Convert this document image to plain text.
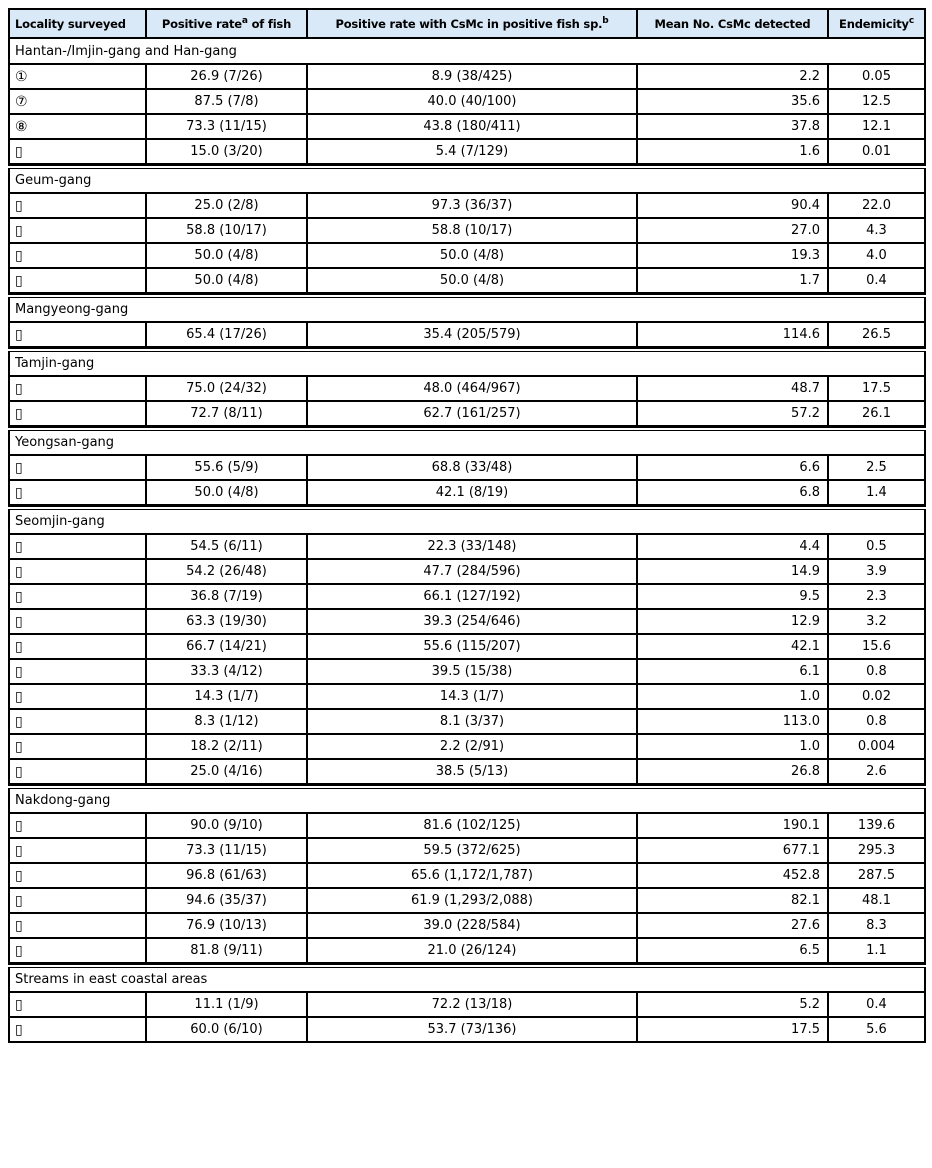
Locality surveyed	Positive rate$^a$ of fish	Positive rate with CsMc in positive fish sp.$^b$	Mean No. CsMc detected	Endemicity$^c$
Hantan-/Imjin-gang and Han-gang				
①	26.9 (7/26)	8.9 (38/425)	2.2	0.05
⑦	87.5 (7/8)	40.0 (40/100)	35.6	12.5
⑧	73.3 (11/15)	43.8 (180/411)	37.8	12.1
▯	15.0 (3/20)	5.4 (7/129)	1.6	0.01

Geum-gang				
▯	25.0 (2/8)	97.3 (36/37)	90.4	22.0
▯	58.8 (10/17)	58.8 (10/17)	27.0	4.3
▯	50.0 (4/8)	50.0 (4/8)	19.3	4.0
▯	50.0 (4/8)	50.0 (4/8)	1.7	0.4

Mangyeong-gang				
▯	65.4 (17/26)	35.4 (205/579)	114.6	26.5

Tamjin-gang				
▯	75.0 (24/32)	48.0 (464/967)	48.7	17.5
▯	72.7 (8/11)	62.7 (161/257)	57.2	26.1

Yeongsan-gang				
▯	55.6 (5/9)	68.8 (33/48)	6.6	2.5
▯	50.0 (4/8)	42.1 (8/19)	6.8	1.4

Seomjin-gang				
▯	54.5 (6/11)	22.3 (33/148)	4.4	0.5
▯	54.2 (26/48)	47.7 (284/596)	14.9	3.9
▯	36.8 (7/19)	66.1 (127/192)	9.5	2.3
▯	63.3 (19/30)	39.3 (254/646)	12.9	3.2
▯	66.7 (14/21)	55.6 (115/207)	42.1	15.6
▯	33.3 (4/12)	39.5 (15/38)	6.1	0.8
▯	14.3 (1/7)	14.3 (1/7)	1.0	0.02
▯	8.3 (1/12)	8.1 (3/37)	113.0	0.8
▯	18.2 (2/11)	2.2 (2/91)	1.0	0.004
▯	25.0 (4/16)	38.5 (5/13)	26.8	2.6

Nakdong-gang				
▯	90.0 (9/10)	81.6 (102/125)	190.1	139.6
▯	73.3 (11/15)	59.5 (372/625)	677.1	295.3
▯	96.8 (61/63)	65.6 (1,172/1,787)	452.8	287.5
▯	94.6 (35/37)	61.9 (1,293/2,088)	82.1	48.1
▯	76.9 (10/13)	39.0 (228/584)	27.6	8.3
▯	81.8 (9/11)	21.0 (26/124)	6.5	1.1

Streams in east coastal areas				
▯	11.1 (1/9)	72.2 (13/18)	5.2	0.4
▯	60.0 (6/10)	53.7 (73/136)	17.5	5.6
